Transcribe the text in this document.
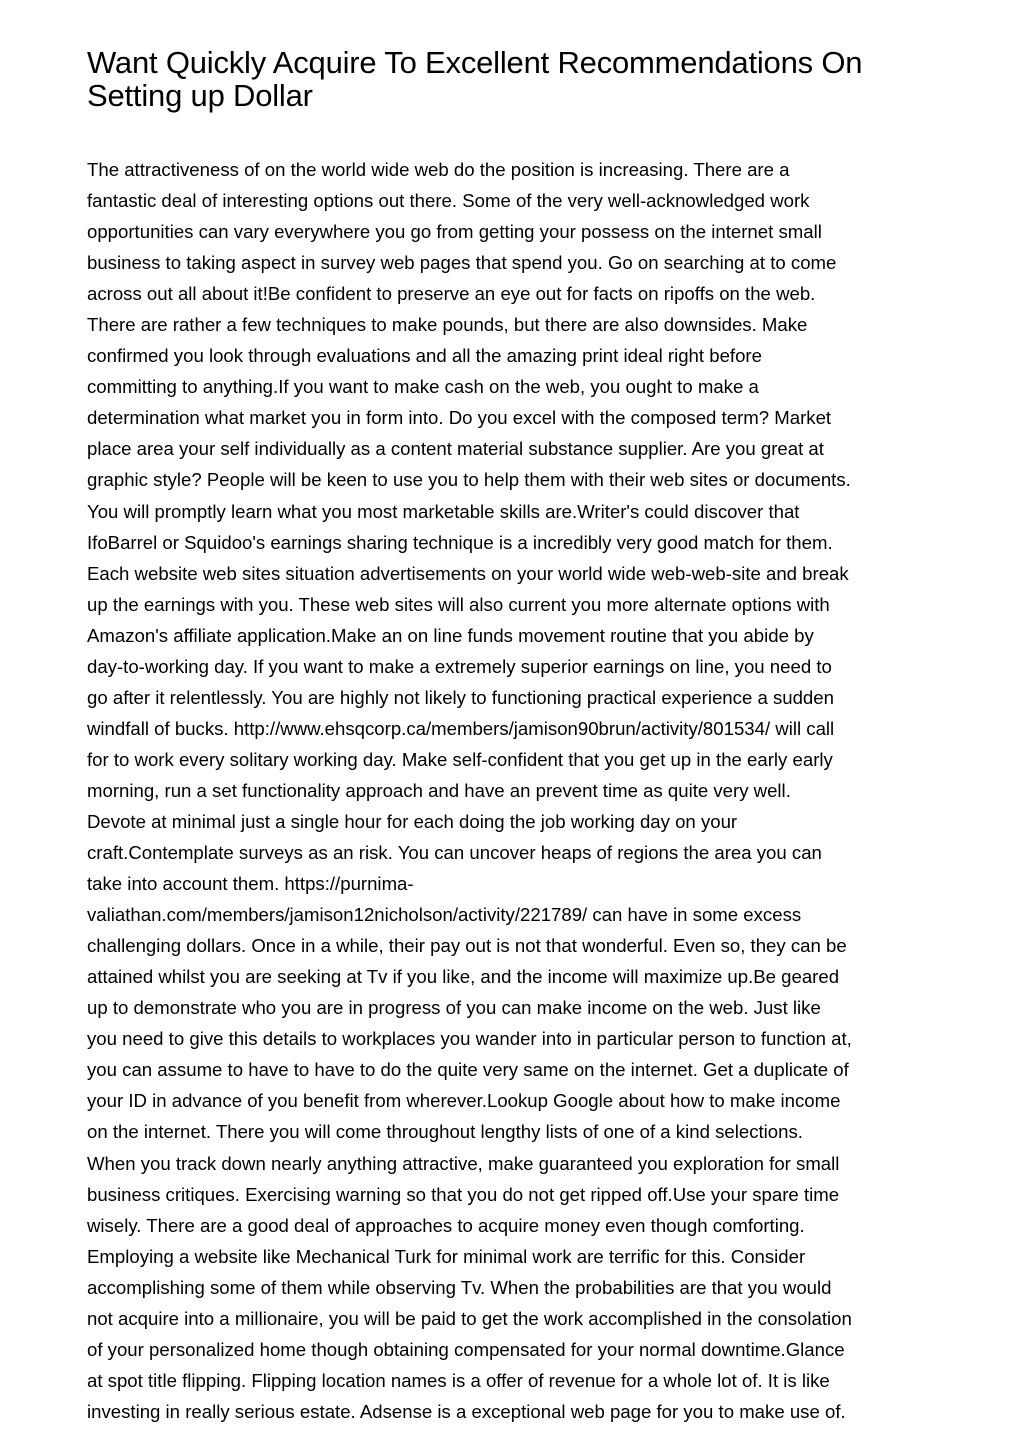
Want Quickly Acquire To Excellent Recommendations On
Setting up Dollar
The attractiveness of on the world wide web do the position is increasing. There are a
fantastic deal of interesting options out there. Some of the very well-acknowledged work
opportunities can vary everywhere you go from getting your possess on the internet small
business to taking aspect in survey web pages that spend you. Go on searching at to come
across out all about it!Be confident to preserve an eye out for facts on ripoffs on the web.
There are rather a few techniques to make pounds, but there are also downsides. Make
confirmed you look through evaluations and all the amazing print ideal right before
committing to anything.If you want to make cash on the web, you ought to make a
determination what market you in form into. Do you excel with the composed term? Market
place area your self individually as a content material substance supplier. Are you great at
graphic style? People will be keen to use you to help them with their web sites or documents.
You will promptly learn what you most marketable skills are.Writer's could discover that
IfoBarrel or Squidoo's earnings sharing technique is a incredibly very good match for them.
Each website web sites situation advertisements on your world wide web-web-site and break
up the earnings with you. These web sites will also current you more alternate options with
Amazon's affiliate application.Make an on line funds movement routine that you abide by
day-to-working day. If you want to make a extremely superior earnings on line, you need to
go after it relentlessly. You are highly not likely to functioning practical experience a sudden
windfall of bucks. http://www.ehsqcorp.ca/members/jamison90brun/activity/801534/ will call
for to work every solitary working day. Make self-confident that you get up in the early early
morning, run a set functionality approach and have an prevent time as quite very well.
Devote at minimal just a single hour for each doing the job working day on your
craft.Contemplate surveys as an risk. You can uncover heaps of regions the area you can
take into account them. https://purnima-
valiathan.com/members/jamison12nicholson/activity/221789/ can have in some excess
challenging dollars. Once in a while, their pay out is not that wonderful. Even so, they can be
attained whilst you are seeking at Tv if you like, and the income will maximize up.Be geared
up to demonstrate who you are in progress of you can make income on the web. Just like
you need to give this details to workplaces you wander into in particular person to function at,
you can assume to have to have to do the quite very same on the internet. Get a duplicate of
your ID in advance of you benefit from wherever.Lookup Google about how to make income
on the internet. There you will come throughout lengthy lists of one of a kind selections.
When you track down nearly anything attractive, make guaranteed you exploration for small
business critiques. Exercising warning so that you do not get ripped off.Use your spare time
wisely. There are a good deal of approaches to acquire money even though comforting.
Employing a website like Mechanical Turk for minimal work are terrific for this. Consider
accomplishing some of them while observing Tv. When the probabilities are that you would
not acquire into a millionaire, you will be paid to get the work accomplished in the consolation
of your personalized home though obtaining compensated for your normal downtime.Glance
at spot title flipping. Flipping location names is a offer of revenue for a whole lot of. It is like
investing in really serious estate. Adsense is a exceptional web page for you to make use of.
